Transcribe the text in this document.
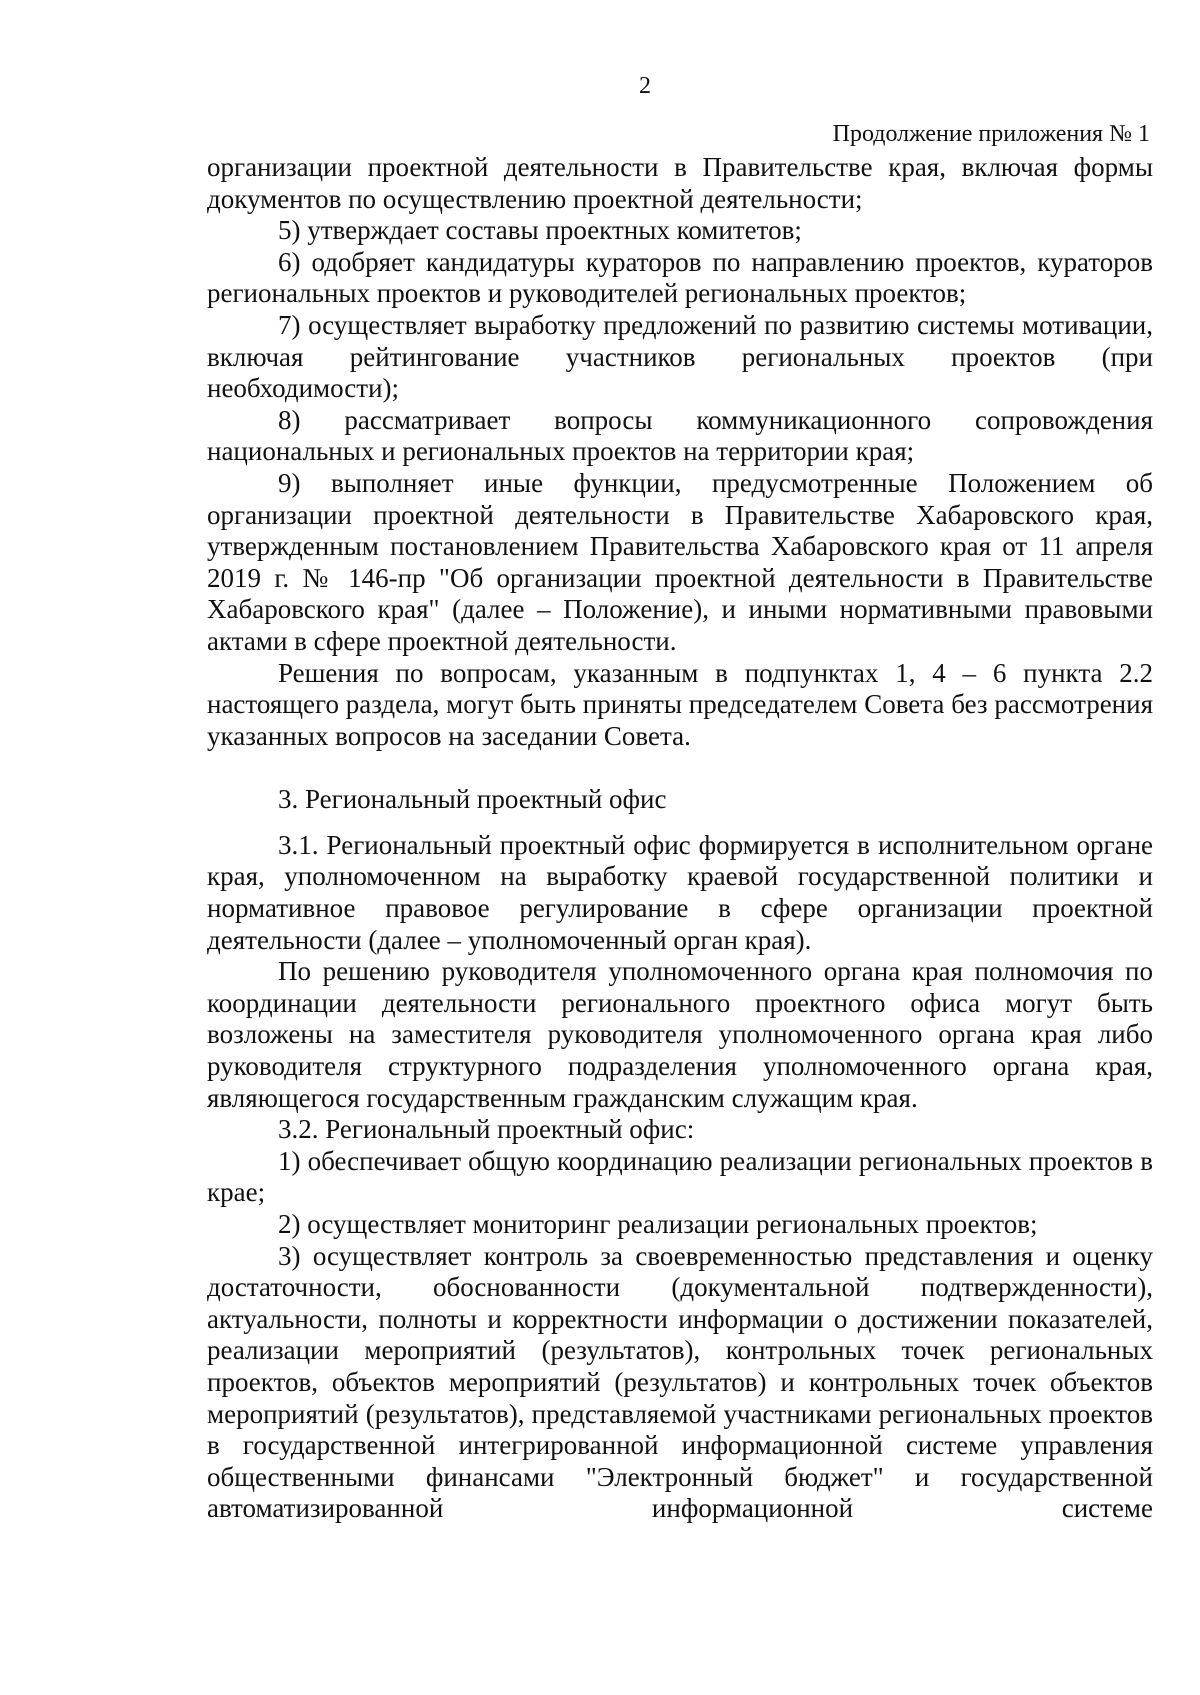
2
Продолжение приложения № 1

организации проектной деятельности в Правительстве края, включая формы документов по осуществлению проектной деятельности;

5) утверждает составы проектных комитетов;

6) одобряет кандидатуры кураторов по направлению проектов, кураторов региональных проектов и руководителей региональных проектов;

7) осуществляет выработку предложений по развитию системы мотивации, включая рейтингование участников региональных проектов (при необходимости);

8) рассматривает вопросы коммуникационного сопровождения национальных и региональных проектов на территории края;

9) выполняет иные функции, предусмотренные Положением об организации проектной деятельности в Правительстве Хабаровского края, утвержденным постановлением Правительства Хабаровского края от 11 апреля 2019 г. № 146-пр "Об организации проектной деятельности в Правительстве Хабаровского края" (далее – Положение), и иными нормативными правовыми актами в сфере проектной деятельности.

Решения по вопросам, указанным в подпунктах 1, 4 – 6 пункта 2.2 настоящего раздела, могут быть приняты председателем Совета без рассмотрения указанных вопросов на заседании Совета.

3. Региональный проектный офис

3.1. Региональный проектный офис формируется в исполнительном органе края, уполномоченном на выработку краевой государственной политики и нормативное правовое регулирование в сфере организации проектной деятельности (далее – уполномоченный орган края).

По решению руководителя уполномоченного органа края полномочия по координации деятельности регионального проектного офиса могут быть возложены на заместителя руководителя уполномоченного органа края либо руководителя структурного подразделения уполномоченного органа края, являющегося государственным гражданским служащим края.

3.2. Региональный проектный офис:

1) обеспечивает общую координацию реализации региональных проектов в крае;

2) осуществляет мониторинг реализации региональных проектов;

3) осуществляет контроль за своевременностью представления и оценку достаточности, обоснованности (документальной подтвержденности), актуальности, полноты и корректности информации о достижении показателей, реализации мероприятий (результатов), контрольных точек региональных проектов, объектов мероприятий (результатов) и контрольных точек объектов мероприятий (результатов), представляемой участниками региональных проектов в государственной интегрированной информационной системе управления общественными финансами "Электронный бюджет" и государственной автоматизированной информационной системе
